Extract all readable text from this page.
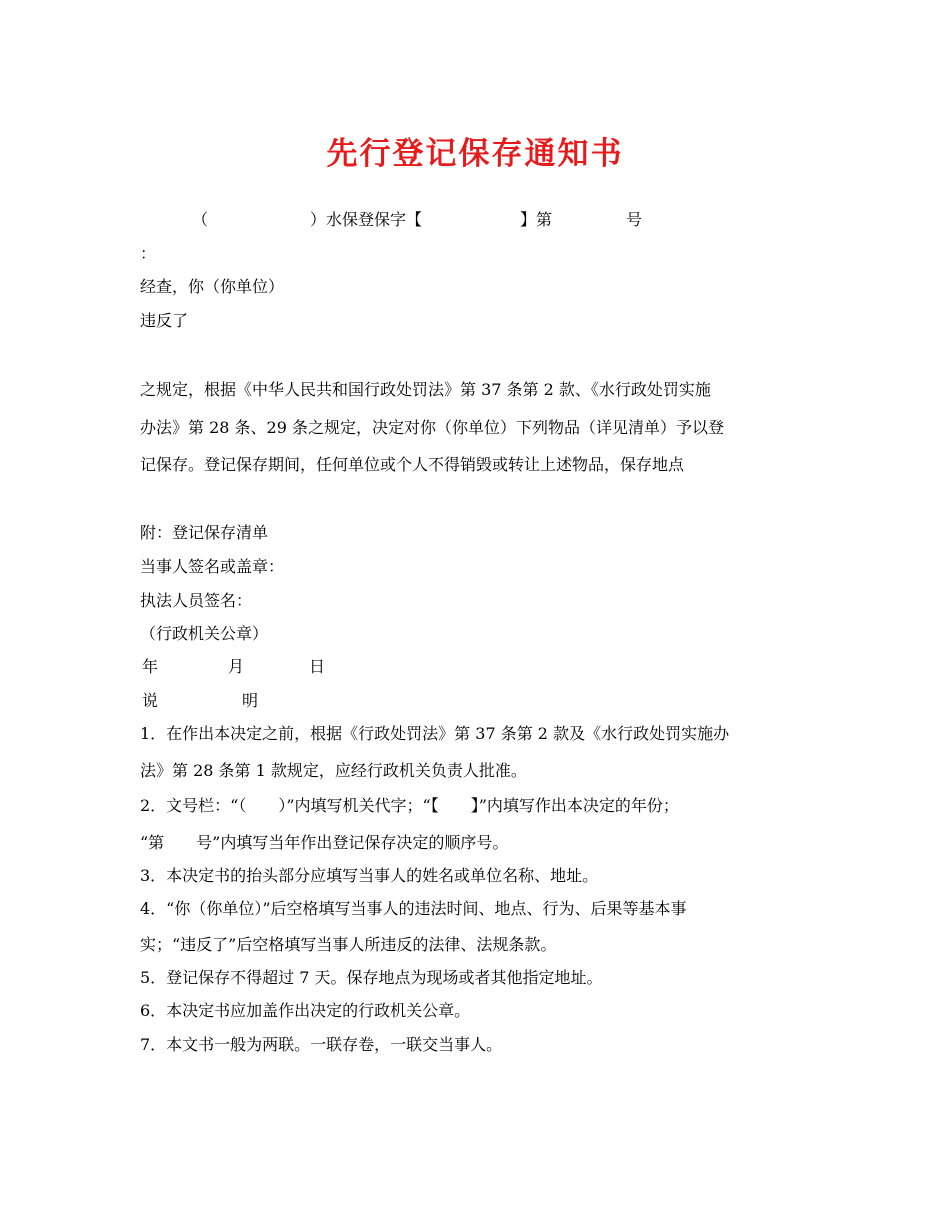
先行登记保存通知书
（	）水保登保字【	】第	号
：
经查，你（你单位）
违反了
之规定，根据《中华人民共和国行政处罚法》第 37 条第 2 款、《水行政处罚实施
办法》第 28 条、29 条之规定，决定对你（你单位）下列物品（详见清单）予以登
记保存。登记保存期间，任何单位或个人不得销毁或转让上述物品，保存地点
附：登记保存清单
当事人签名或盖章：
执法人员签名：
（行政机关公章）
年	月	日
说	明
1．在作出本决定之前，根据《行政处罚法》第 37 条第 2 款及《水行政处罚实施办
法》第 28 条第 1 款规定，应经行政机关负责人批准。
2．文号栏：“（　　）”内填写机关代字；“【　　】”内填写作出本决定的年份；
“第　　号”内填写当年作出登记保存决定的顺序号。
3．本决定书的抬头部分应填写当事人的姓名或单位名称、地址。
4．“你（你单位）”后空格填写当事人的违法时间、地点、行为、后果等基本事
实；“违反了”后空格填写当事人所违反的法律、法规条款。
5．登记保存不得超过 7 天。保存地点为现场或者其他指定地址。
6．本决定书应加盖作出决定的行政机关公章。
7．本文书一般为两联。一联存卷，一联交当事人。
